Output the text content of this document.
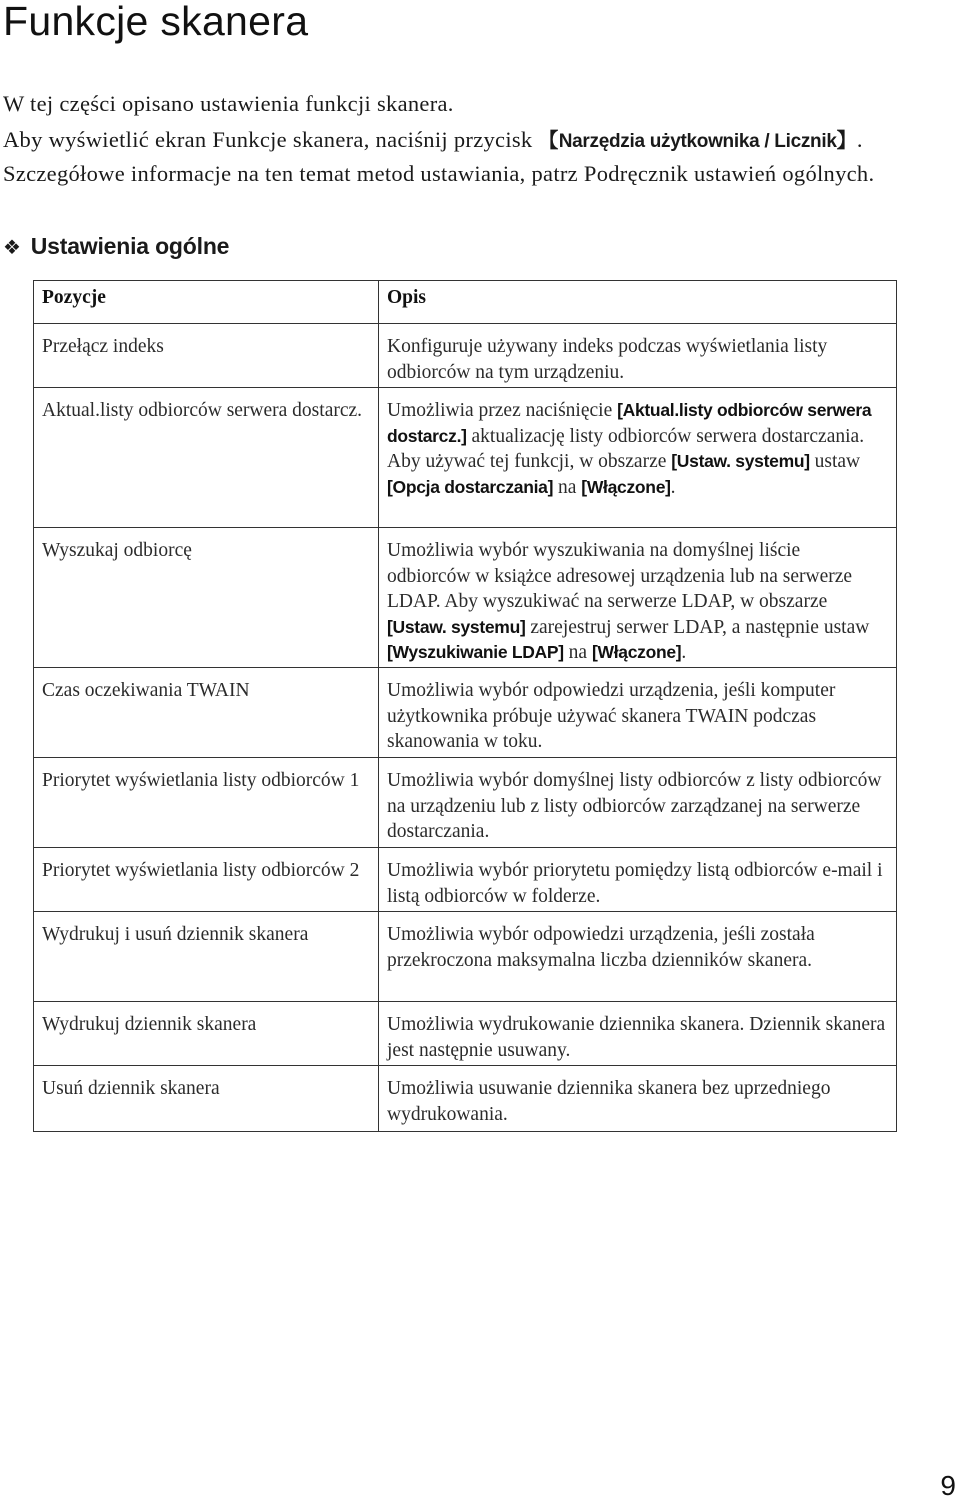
Funkcje skanera

W tej części opisano ustawienia funkcji skanera.

Aby wyświetlić ekran Funkcje skanera, naciśnij przycisk 【Narzędzia użytkownika / Licznik】. Szczegółowe informacje na ten temat metod ustawiania, patrz Podręcznik ustawień ogólnych.

❖ Ustawienia ogólne
Pozycje	Opis
Przełącz indeks	Konfiguruje używany indeks podczas wyświetlania listy odbiorców na tym urządzeniu.
Aktual.listy odbiorców serwera dostarcz.	Umożliwia przez naciśnięcie [Aktual.listy odbiorców serwera dostarcz.] aktualizację listy odbiorców serwera dostarczania. Aby używać tej funkcji, w obszarze [Ustaw. systemu] ustaw [Opcja dostarczania] na [Włączone].
Wyszukaj odbiorcę	Umożliwia wybór wyszukiwania na domyślnej liście odbiorców w książce adresowej urządzenia lub na serwerze LDAP. Aby wyszukiwać na serwerze LDAP, w obszarze [Ustaw. systemu] zarejestruj serwer LDAP, a następnie ustaw [Wyszukiwanie LDAP] na [Włączone].
Czas oczekiwania TWAIN	Umożliwia wybór odpowiedzi urządzenia, jeśli komputer użytkownika próbuje używać skanera TWAIN podczas skanowania w toku.
Priorytet wyświetlania listy odbiorców 1	Umożliwia wybór domyślnej listy odbiorców z listy odbiorców na urządzeniu lub z listy odbiorców zarządzanej na serwerze dostarczania.
Priorytet wyświetlania listy odbiorców 2	Umożliwia wybór priorytetu pomiędzy listą odbiorców e-mail i listą odbiorców w folderze.
Wydrukuj i usuń dziennik skanera	Umożliwia wybór odpowiedzi urządzenia, jeśli została przekroczona maksymalna liczba dzienników skanera.
Wydrukuj dziennik skanera	Umożliwia wydrukowanie dziennika skanera. Dziennik skanera jest następnie usuwany.
Usuń dziennik skanera	Umożliwia usuwanie dziennika skanera bez uprzedniego wydrukowania.
9
